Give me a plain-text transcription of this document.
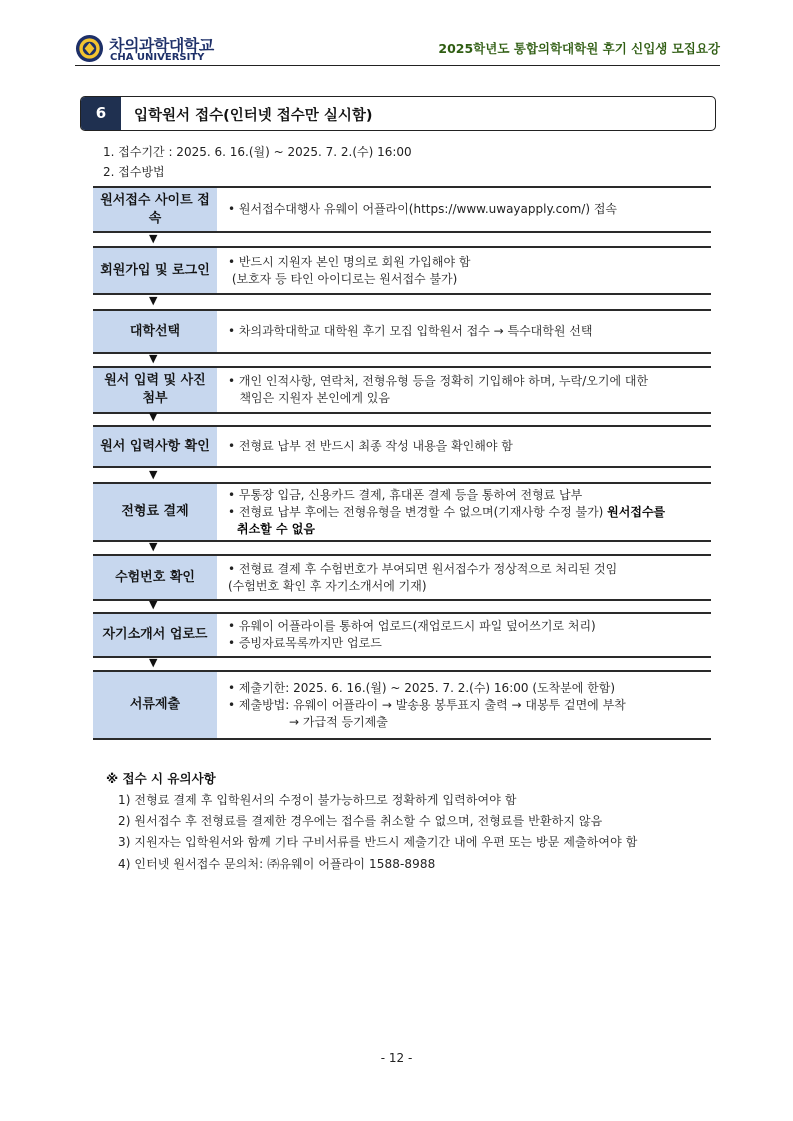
차의과학대학교
CHA UNIVERSITY
2025학년도 통합의학대학원 후기 신입생 모집요강
6	입학원서 접수(인터넷 접수만 실시함)
1. 접수기간 : 2025. 6. 16.(월) ~ 2025. 7. 2.(수) 16:00
2. 접수방법
원서접수 사이트 접속
• 원서접수대행사 유웨이 어플라이(https://www.uwayapply.com/) 접속
▼
회원가입 및 로그인
• 반드시 지원자 본인 명의로 회원 가입해야 함
(보호자 등 타인 아이디로는 원서접수 불가)
▼
대학선택	• 차의과학대학교 대학원 후기 모집 입학원서 접수 → 특수대학원 선택
▼
원서 입력 및 사진 첨부
• 개인 인적사항, 연락처, 전형유형 등을 정확히 기입해야 하며, 누락/오기에 대한
책임은 지원자 본인에게 있음
▼
원서 입력사항 확인	• 전형료 납부 전 반드시 최종 작성 내용을 확인해야 함
▼
전형료 결제
• 무통장 입금, 신용카드 결제, 휴대폰 결제 등을 통하여 전형료 납부
• 전형료 납부 후에는 전형유형을 변경할 수 없으며(기재사항 수정 불가) 원서접수를
취소할 수 없음
▼
수험번호 확인
• 전형료 결제 후 수험번호가 부여되면 원서접수가 정상적으로 처리된 것임
(수험번호 확인 후 자기소개서에 기재)
▼
자기소개서 업로드
• 유웨이 어플라이를 통하여 업로드(재업로드시 파일 덮어쓰기로 처리)
• 증빙자료목록까지만 업로드
▼
서류제출
• 제출기한: 2025. 6. 16.(월) ~ 2025. 7. 2.(수) 16:00 (도착분에 한함)
• 제출방법: 유웨이 어플라이 → 발송용 봉투표지 출력 → 대봉투 겉면에 부착
→ 가급적 등기제출
※ 접수 시 유의사항
1) 전형료 결제 후 입학원서의 수정이 불가능하므로 정확하게 입력하여야 함
2) 원서접수 후 전형료를 결제한 경우에는 접수를 취소할 수 없으며, 전형료를 반환하지 않음
3) 지원자는 입학원서와 함께 기타 구비서류를 반드시 제출기간 내에 우편 또는 방문 제출하여야 함
4) 인터넷 원서접수 문의처: ㈜유웨이 어플라이 1588-8988
- 12 -
